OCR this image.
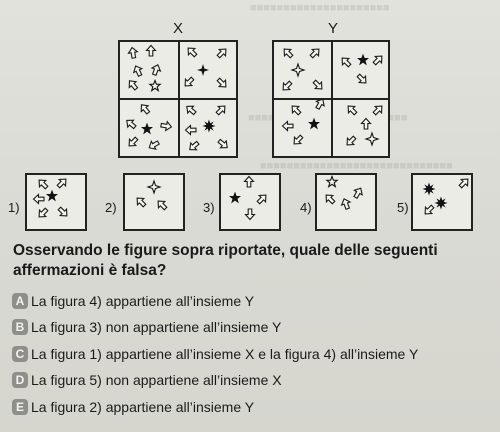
■■■■■■■■■■■■■■■■■■■■■
■■■■■■■■■■■■■■■■■■■■■■■■■■■■■
X	Y
1)	2)	3)	4)	5)
Osservando le figure sopra riportate, quale delle seguenti affermazioni è falsa?
A La figura 4) appartiene all’insieme Y
B La figura 3) non appartiene all’insieme Y
C La figura 1) appartiene all’insieme X e la figura 4) all’insieme Y
D La figura 5) non appartiene all’insieme X
E La figura 2) appartiene all’insieme Y
